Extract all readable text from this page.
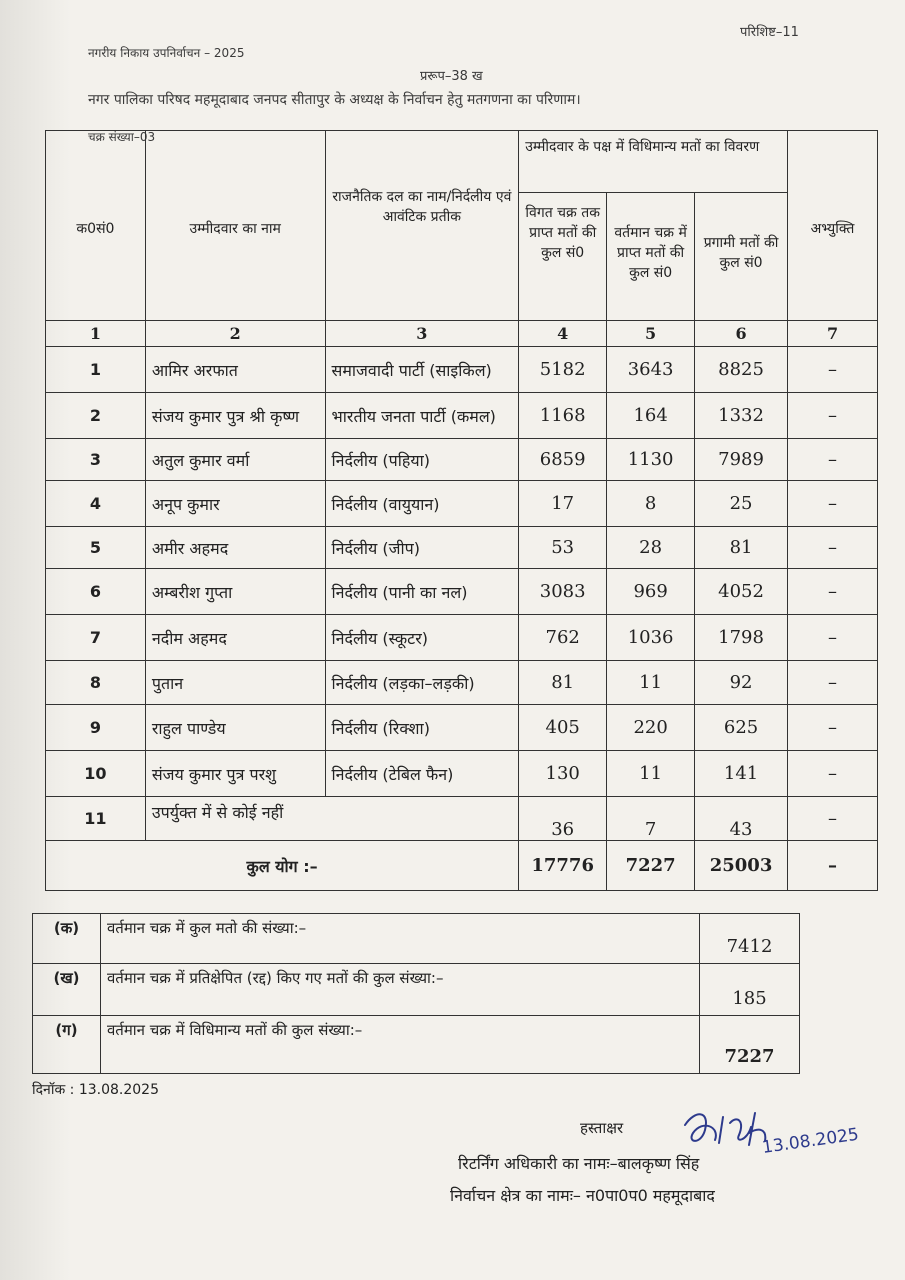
परिशिष्ट–11
नगरीय निकाय उपनिर्वाचन – 2025
प्ररूप–38 ख
नगर पालिका परिषद महमूदाबाद जनपद सीतापुर के अध्यक्ष के निर्वाचन हेतु मतगणना का परिणाम।
चक्र संख्या–03
क0सं0	उम्मीदवार का नाम	राजनैतिक दल का नाम/निर्दलीय एवं आवंटिक प्रतीक	उम्मीदवार के पक्ष में विधिमान्य मतों का विवरण			अभ्युक्ति
			विगत चक्र तक प्राप्त मतों की कुल सं0	वर्तमान चक्र में प्राप्त मतों की कुल सं0	प्रगामी मतों की कुल सं0	
1	2	3	4	5	6	7
1	आमिर अरफात	समाजवादी पार्टी (साइकिल)	5182	3643	8825	–
2	संजय कुमार पुत्र श्री कृष्ण	भारतीय जनता पार्टी (कमल)	1168	164	1332	–
3	अतुल कुमार वर्मा	निर्दलीय (पहिया)	6859	1130	7989	–
4	अनूप कुमार	निर्दलीय (वायुयान)	17	8	25	–
5	अमीर अहमद	निर्दलीय (जीप)	53	28	81	–
6	अम्बरीश गुप्ता	निर्दलीय (पानी का नल)	3083	969	4052	–
7	नदीम अहमद	निर्दलीय (स्कूटर)	762	1036	1798	–
8	पुतान	निर्दलीय (लड़का–लड़की)	81	11	92	–
9	राहुल पाण्डेय	निर्दलीय (रिक्शा)	405	220	625	–
10	संजय कुमार पुत्र परशु	निर्दलीय (टेबिल फैन)	130	11	141	–
11	उपर्युक्त में से कोई नहीं		36	7	43	–
कुल योग :–			17776	7227	25003	–
(क)	वर्तमान चक्र में कुल मतो की संख्या:–	7412
(ख)	वर्तमान चक्र में प्रतिक्षेपित (रद्द) किए गए मतों की कुल संख्या:–	185
(ग)	वर्तमान चक्र में विधिमान्य मतों की कुल संख्या:–	7227
दिनॉक : 13.08.2025
हस्ताक्षर
रिटर्निंग अधिकारी का नामः–बालकृष्ण सिंह
निर्वाचन क्षेत्र का नामः– न0पा0प0 महमूदाबाद
13.08.2025
